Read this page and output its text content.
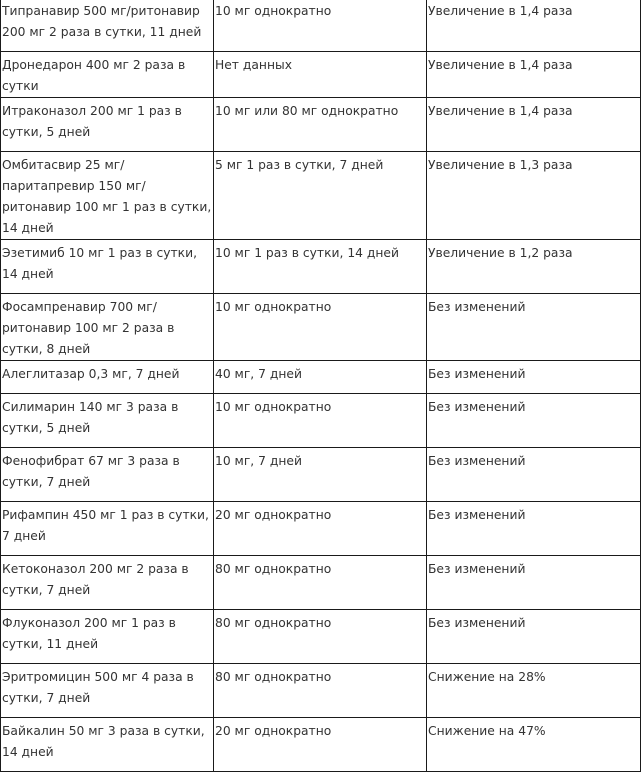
Типранавир 500 мг/ритонавир 200 мг 2 раза в сутки, 11 дней	10 мг однократно	Увеличение в 1,4 раза
Дронедарон 400 мг 2 раза в сутки	Нет данных	Увеличение в 1,4 раза
Итраконазол 200 мг 1 раз в сутки, 5 дней	10 мг или 80 мг однократно	Увеличение в 1,4 раза
Омбитасвир 25 мг/паритапревир 150 мг/ритонавир 100 мг 1 раз в сутки, 14 дней	5 мг 1 раз в сутки, 7 дней	Увеличение в 1,3 раза
Эзетимиб 10 мг 1 раз в сутки, 14 дней	10 мг 1 раз в сутки, 14 дней	Увеличение в 1,2 раза
Фосампренавир 700 мг/ритонавир 100 мг 2 раза в сутки, 8 дней	10 мг однократно	Без изменений
Алеглитазар 0,3 мг, 7 дней	40 мг, 7 дней	Без изменений
Силимарин 140 мг 3 раза в сутки, 5 дней	10 мг однократно	Без изменений
Фенофибрат 67 мг 3 раза в сутки, 7 дней	10 мг, 7 дней	Без изменений
Рифампин 450 мг 1 раз в сутки, 7 дней	20 мг однократно	Без изменений
Кетоконазол 200 мг 2 раза в сутки, 7 дней	80 мг однократно	Без изменений
Флуконазол 200 мг 1 раз в сутки, 11 дней	80 мг однократно	Без изменений
Эритромицин 500 мг 4 раза в сутки, 7 дней	80 мг однократно	Снижение на 28%
Байкалин 50 мг 3 раза в сутки, 14 дней	20 мг однократно	Снижение на 47%
